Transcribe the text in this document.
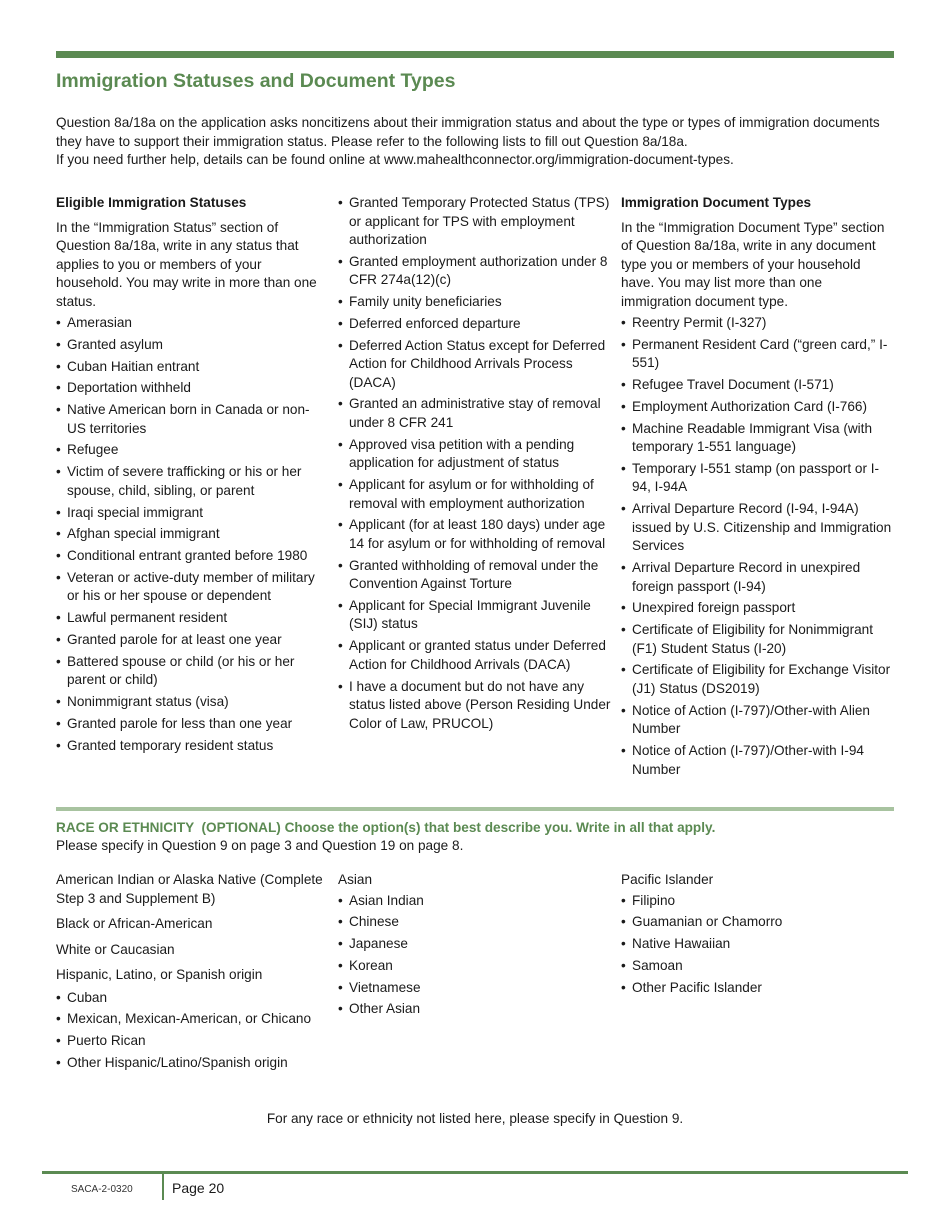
Immigration Statuses and Document Types

Question 8a/18a on the application asks noncitizens about their immigration status and about the type or types of immigration documents they have to support their immigration status. Please refer to the following lists to fill out Question 8a/18a.

If you need further help, details can be found online at www.mahealthconnector.org/immigration-document-types.

Eligible Immigration Statuses

In the “Immigration Status” section of Question 8a/18a, write in any status that applies to you or members of your household. You may write in more than one status.

• Amerasian
• Granted asylum
• Cuban Haitian entrant
• Deportation withheld
• Native American born in Canada or non-US territories
• Refugee
• Victim of severe trafficking or his or her spouse, child, sibling, or parent
• Iraqi special immigrant
• Afghan special immigrant
• Conditional entrant granted before 1980
• Veteran or active-duty member of military or his or her spouse or dependent
• Lawful permanent resident
• Granted parole for at least one year
• Battered spouse or child (or his or her parent or child)
• Nonimmigrant status (visa)
• Granted parole for less than one year
• Granted temporary resident status
• Granted Temporary Protected Status (TPS) or applicant for TPS with employment authorization
• Granted employment authorization under 8 CFR 274a(12)(c)
• Family unity beneficiaries
• Deferred enforced departure
• Deferred Action Status except for Deferred Action for Childhood Arrivals Process (DACA)
• Granted an administrative stay of removal under 8 CFR 241
• Approved visa petition with a pending application for adjustment of status
• Applicant for asylum or for withholding of removal with employment authorization
• Applicant (for at least 180 days) under age 14 for asylum or for withholding of removal
• Granted withholding of removal under the Convention Against Torture
• Applicant for Special Immigrant Juvenile (SIJ) status
• Applicant or granted status under Deferred Action for Childhood Arrivals (DACA)
• I have a document but do not have any status listed above (Person Residing Under Color of Law, PRUCOL)

Immigration Document Types

In the “Immigration Document Type” section of Question 8a/18a, write in any document type you or members of your household have. You may list more than one immigration document type.

• Reentry Permit (I-327)
• Permanent Resident Card (“green card,” I-551)
• Refugee Travel Document (I-571)
• Employment Authorization Card (I-766)
• Machine Readable Immigrant Visa (with temporary 1-551 language)
• Temporary I-551 stamp (on passport or I-94, I-94A
• Arrival Departure Record (I-94, I-94A) issued by U.S. Citizenship and Immigration Services
• Arrival Departure Record in unexpired foreign passport (I-94)
• Unexpired foreign passport
• Certificate of Eligibility for Nonimmigrant (F1) Student Status (I-20)
• Certificate of Eligibility for Exchange Visitor (J1) Status (DS2019)
• Notice of Action (I-797)/Other-with Alien Number
• Notice of Action (I-797)/Other-with I-94 Number
RACE OR ETHNICITY  (OPTIONAL) Choose the option(s) that best describe you. Write in all that apply.
Please specify in Question 9 on page 3 and Question 19 on page 8.

American Indian or Alaska Native (Complete Step 3 and Supplement B)

Black or African-American

White or Caucasian

Hispanic, Latino, or Spanish origin

• Cuban
• Mexican, Mexican-American, or Chicano
• Puerto Rican
• Other Hispanic/Latino/Spanish origin

Asian

• Asian Indian
• Chinese
• Japanese
• Korean
• Vietnamese
• Other Asian

Pacific Islander

• Filipino
• Guamanian or Chamorro
• Native Hawaiian
• Samoan
• Other Pacific Islander
For any race or ethnicity not listed here, please specify in Question 9.
SACA-2-0320	Page 20
